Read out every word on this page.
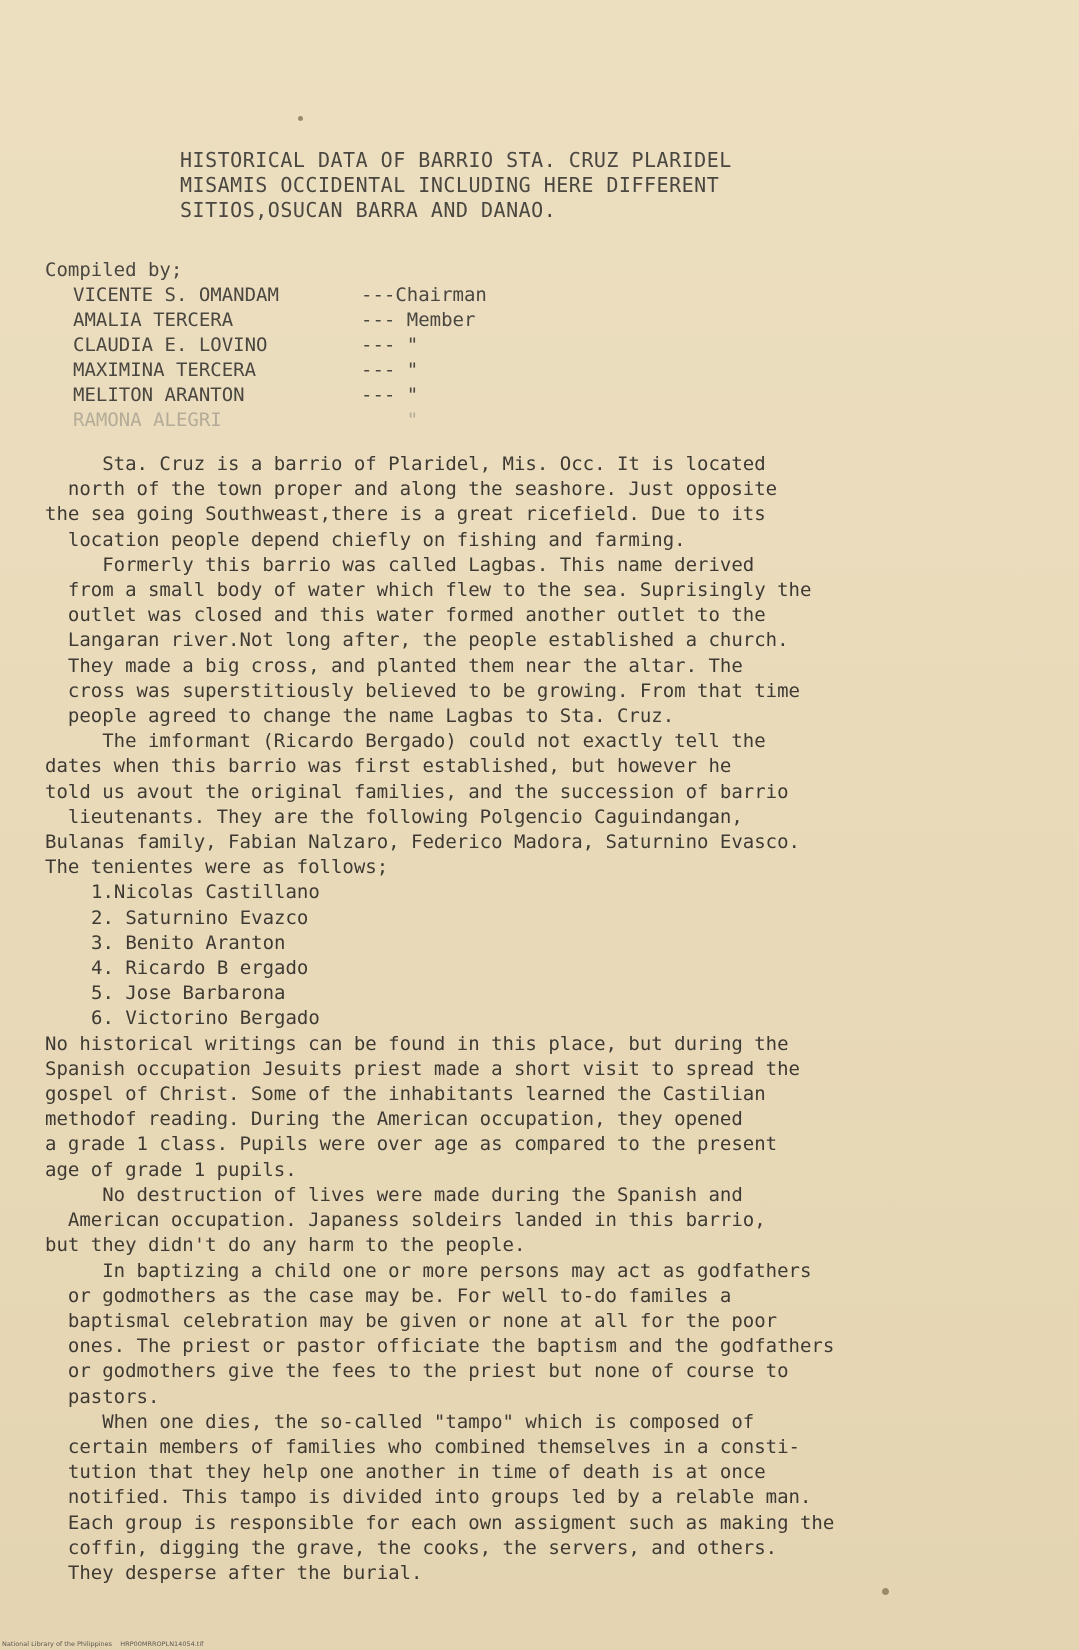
HISTORICAL DATA OF BARRIO STA. CRUZ PLARIDEL
MISAMIS OCCIDENTAL INCLUDING HERE DIFFERENT
SITIOS,OSUCAN BARRA AND DANAO.
Compiled by;
VICENTE S. OMANDAM	---Chairman
AMALIA TERCERA	--- Member
CLAUDIA E. LOVINO	--- "
MAXIMINA TERCERA	--- "
MELITON ARANTON	--- "
RAMONA ALEGRI	"
Sta. Cruz is a barrio of Plaridel, Mis. Occ. It is located
north of the town proper and along the seashore. Just opposite
the sea going Southweast,there is a great ricefield. Due to its
location people depend chiefly on fishing and farming.
Formerly this barrio was called Lagbas. This name derived
from a small body of water which flew to the sea. Suprisingly the
outlet was closed and this water formed another outlet to the
Langaran river.Not long after, the people established a church.
They made a big cross, and planted them near the altar. The
cross was superstitiously believed to be growing. From that time
people agreed to change the name Lagbas to Sta. Cruz.
The imformant (Ricardo Bergado) could not exactly tell the
dates when this barrio was first established, but however he
told us avout the original families, and the succession of barrio
lieutenants. They are the following Polgencio Caguindangan,
Bulanas family, Fabian Nalzaro, Federico Madora, Saturnino Evasco.
The tenientes were as follows;
1.Nicolas Castillano
2. Saturnino Evazco
3. Benito Aranton
4. Ricardo B ergado
5. Jose Barbarona
6. Victorino Bergado
No historical writings can be found in this place, but during the
Spanish occupation Jesuits priest made a short visit to spread the
gospel of Christ. Some of the inhabitants learned the Castilian
methodof reading. During the American occupation, they opened
a grade 1 class. Pupils were over age as compared to the present
age of grade 1 pupils.
No destruction of lives were made during the Spanish and
American occupation. Japaness soldeirs landed in this barrio,
but they didn't do any harm to the people.
In baptizing a child one or more persons may act as godfathers
or godmothers as the case may be. For well to-do familes a
baptismal celebration may be given or none at all for the poor
ones. The priest or pastor officiate the baptism and the godfathers
or godmothers give the fees to the priest but none of course to
pastors.
When one dies, the so-called "tampo" which is composed of
certain members of families who combined themselves in a consti-
tution that they help one another in time of death is at once
notified. This tampo is divided into groups led by a relable man.
Each group is responsible for each own assigment such as making the
coffin, digging the grave, the cooks, the servers, and others.
They desperse after the burial.
National Library of the Philippines    HRP00MRROPLN14054.tif
